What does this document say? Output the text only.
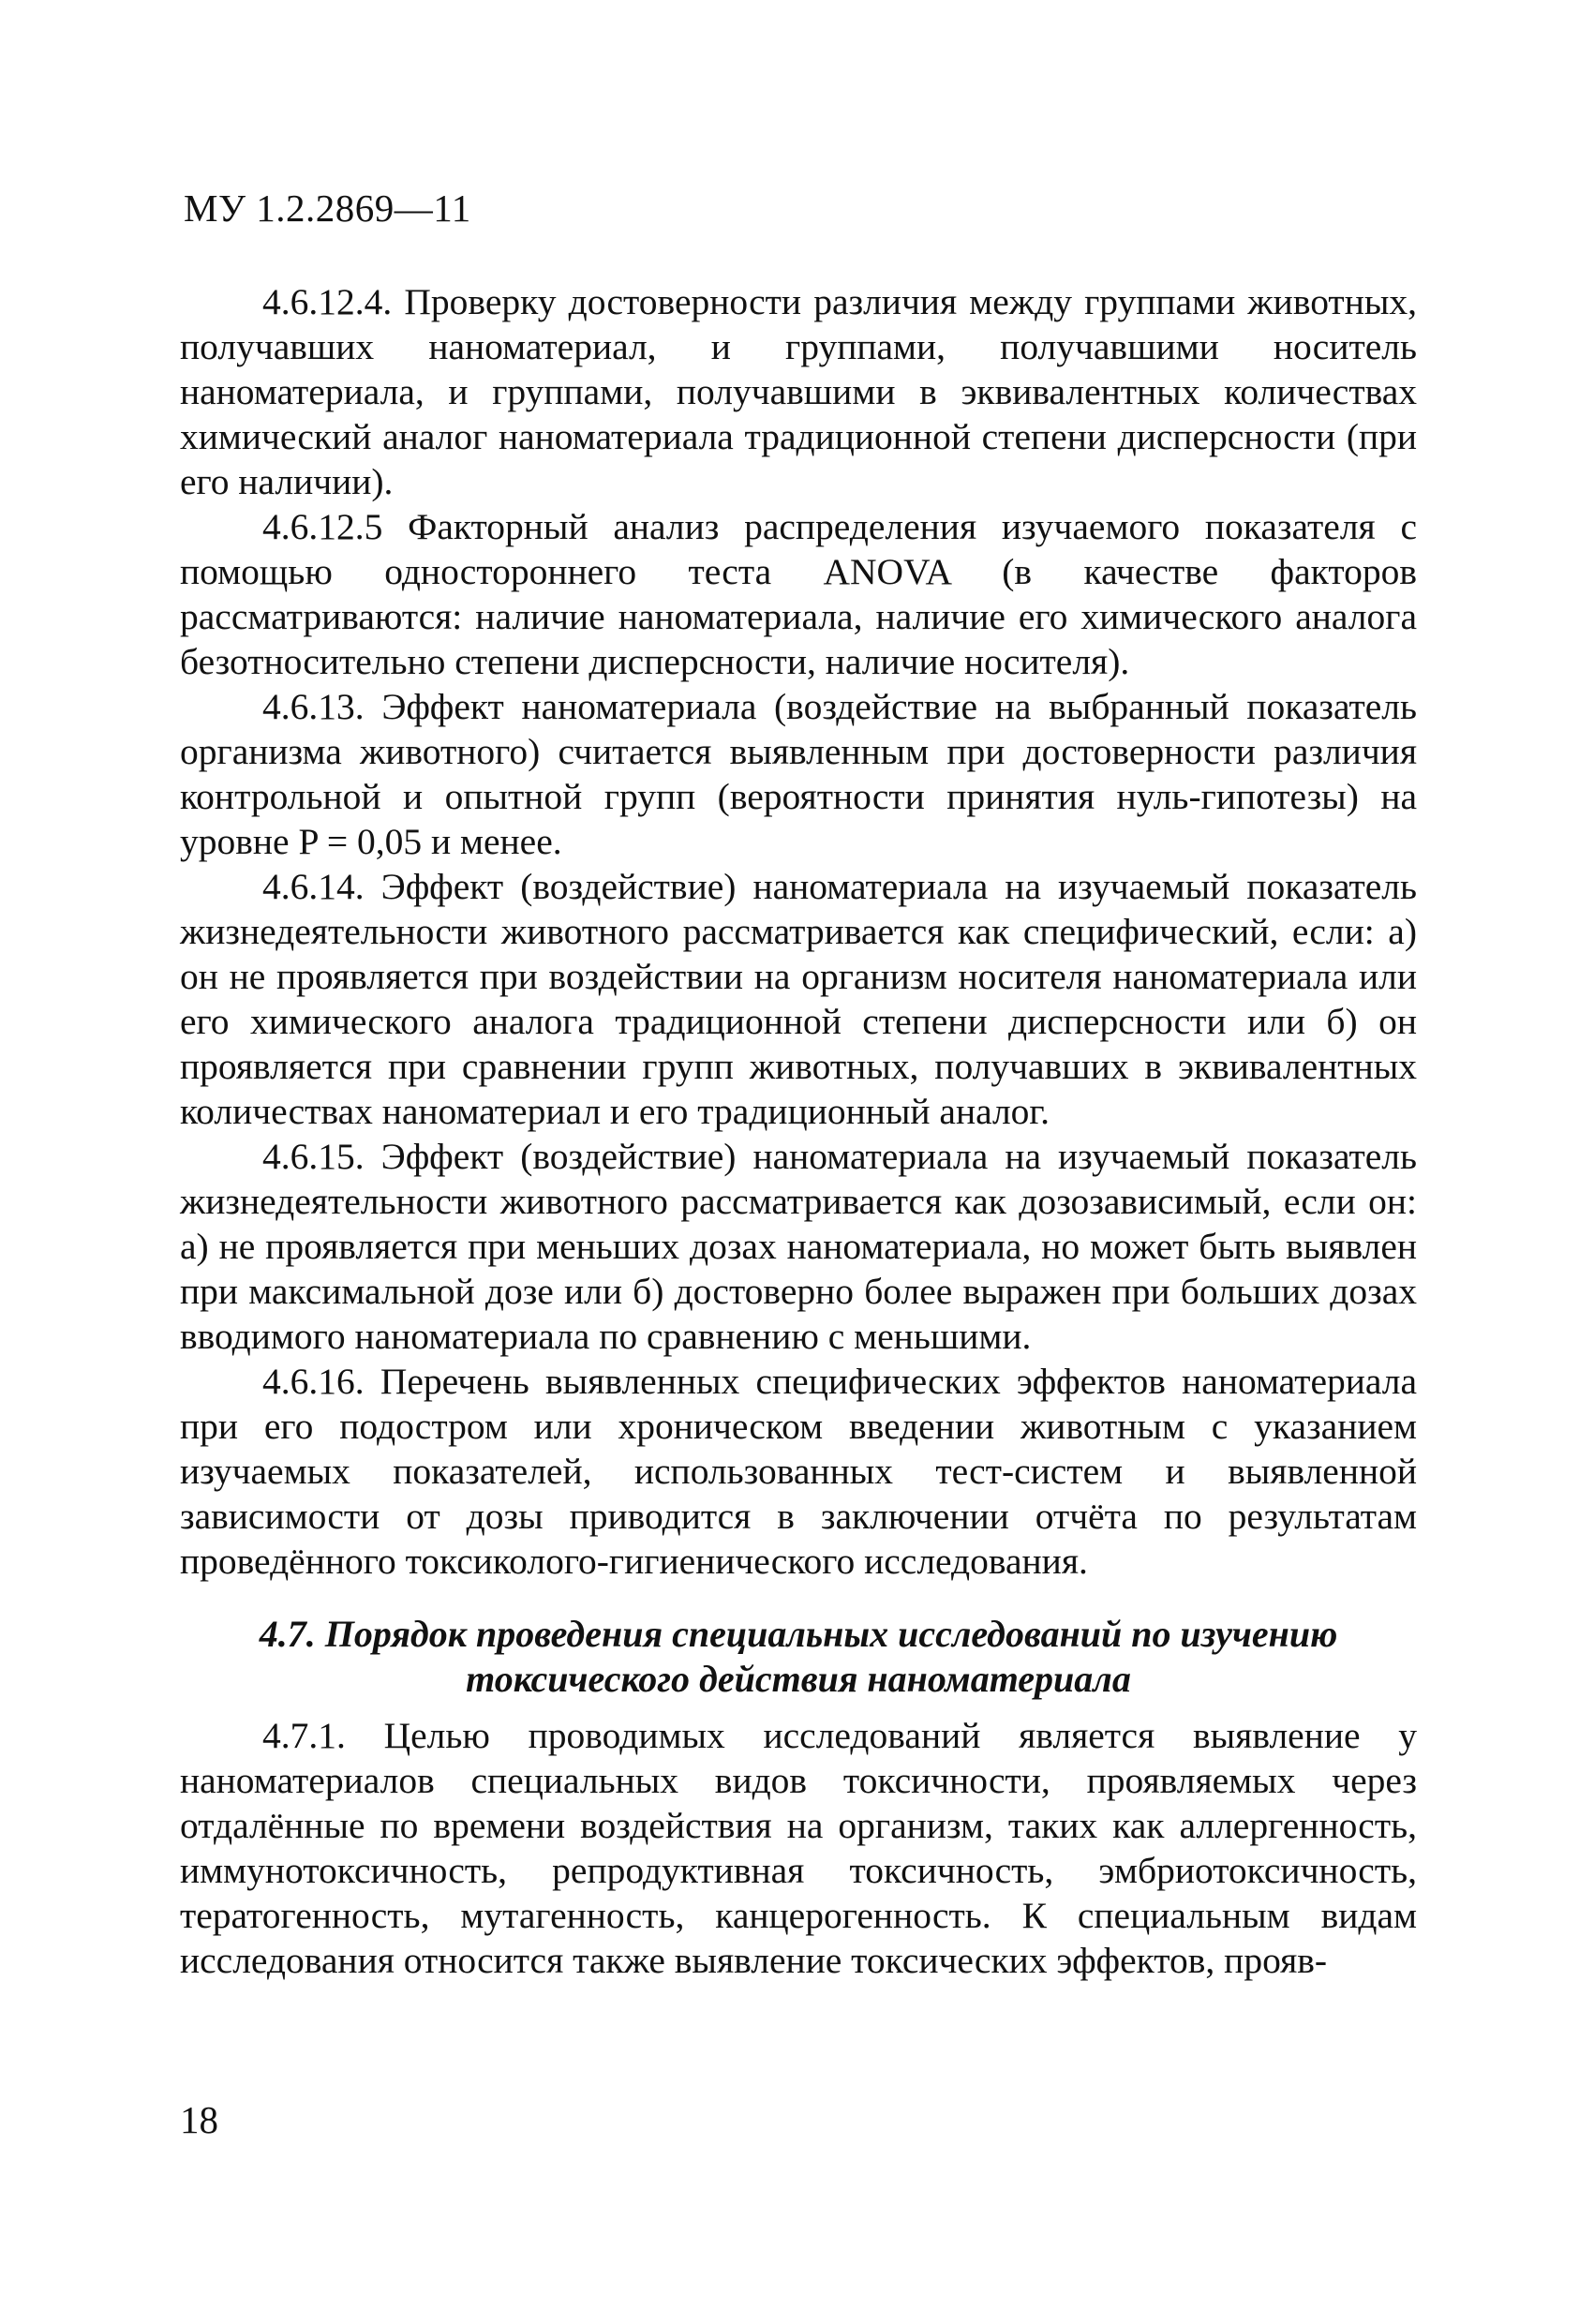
МУ 1.2.2869—11

4.6.12.4. Проверку достоверности различия между группами животных, получавших наноматериал, и группами, получавшими носитель наноматериала, и группами, получавшими в эквивалентных количествах химический аналог наноматериала традиционной степени дисперсности (при его наличии).

4.6.12.5 Факторный анализ распределения изучаемого показателя с помощью одностороннего теста ANOVA (в качестве факторов рассматриваются: наличие наноматериала, наличие его химического аналога безотносительно степени дисперсности, наличие носителя).

4.6.13. Эффект наноматериала (воздействие на выбранный показатель организма животного) считается выявленным при достоверности различия контрольной и опытной групп (вероятности принятия нуль-гипотезы) на уровне P = 0,05 и менее.

4.6.14. Эффект (воздействие) наноматериала на изучаемый показатель жизнедеятельности животного рассматривается как специфический, если: а) он не проявляется при воздействии на организм носителя наноматериала или его химического аналога традиционной степени дисперсности или б) он проявляется при сравнении групп животных, получавших в эквивалентных количествах наноматериал и его традиционный аналог.

4.6.15. Эффект (воздействие) наноматериала на изучаемый показатель жизнедеятельности животного рассматривается как дозозависимый, если он: а) не проявляется при меньших дозах наноматериала, но может быть выявлен при максимальной дозе или б) достоверно более выражен при больших дозах вводимого наноматериала по сравнению с меньшими.

4.6.16. Перечень выявленных специфических эффектов наноматериала при его подостром или хроническом введении животным с указанием изучаемых показателей, использованных тест-систем и выявленной зависимости от дозы приводится в заключении отчёта по результатам проведённого токсиколого-гигиенического исследования.

4.7. Порядок проведения специальных исследований по изучению токсического действия наноматериала

4.7.1. Целью проводимых исследований является выявление у наноматериалов специальных видов токсичности, проявляемых через отдалённые по времени воздействия на организм, таких как аллергенность, иммунотоксичность, репродуктивная токсичность, эмбриотоксичность, тератогенность, мутагенность, канцерогенность. К специальным видам исследования относится также выявление токсических эффектов, прояв-

18
